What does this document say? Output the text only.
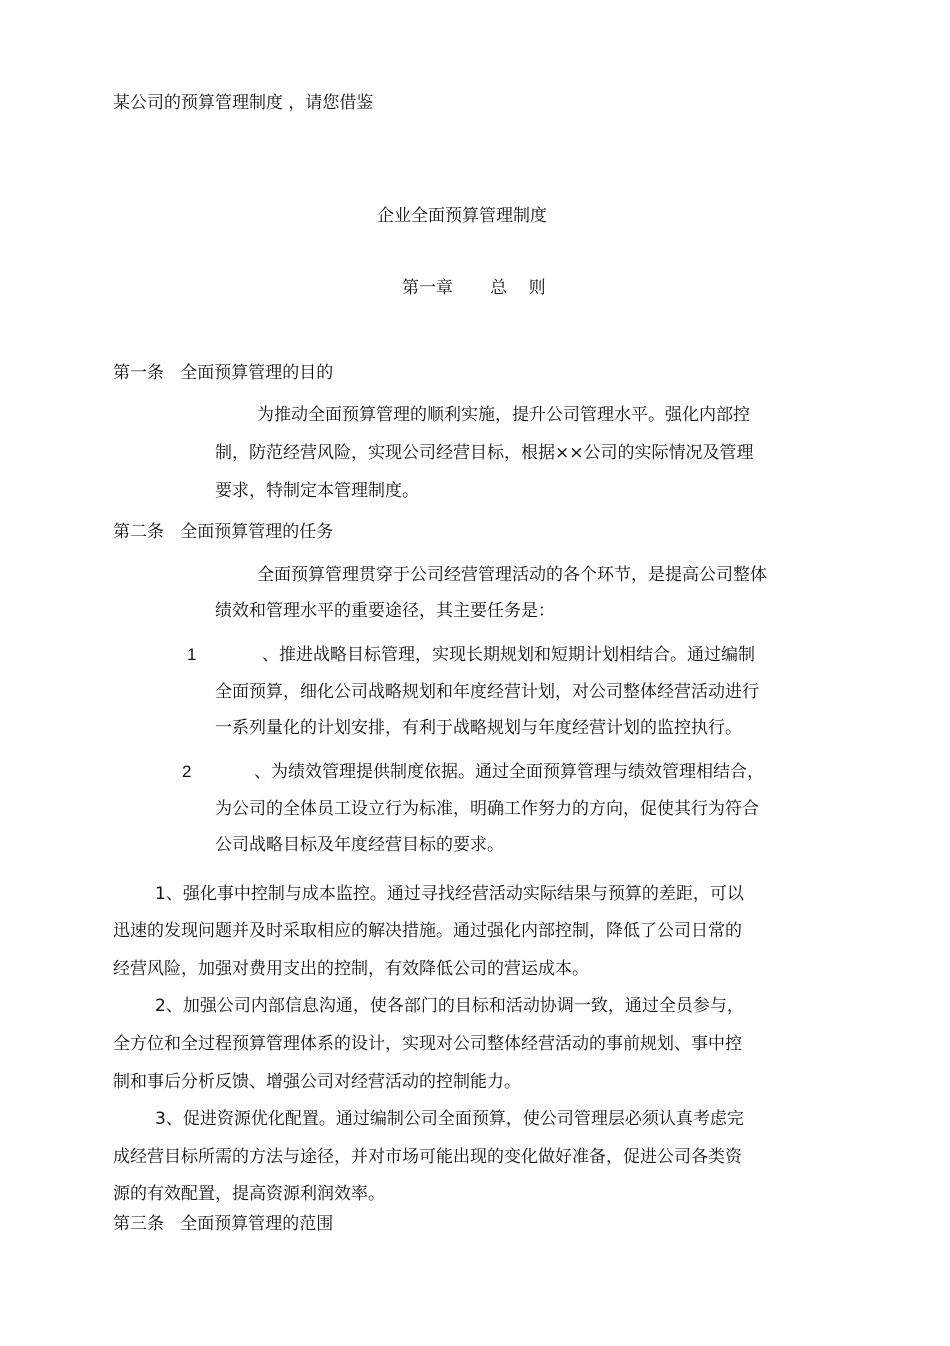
某公司的预算管理制度 ，请您借鉴
企业全面预算管理制度
第一章 总    则
第一条   全面预算管理的目的
为推动全面预算管理的顺利实施，提升公司管理水平。强化内部控
制，防范经营风险，实现公司经营目标，根据××公司的实际情况及管理
要求，特制定本管理制度。
第二条   全面预算管理的任务
全面预算管理贯穿于公司经营管理活动的各个环节，是提高公司整体
绩效和管理水平的重要途径，其主要任务是：
1	、推进战略目标管理，实现长期规划和短期计划相结合。通过编制
全面预算，细化公司战略规划和年度经营计划，对公司整体经营活动进行
一系列量化的计划安排，有利于战略规划与年度经营计划的监控执行。
2	、为绩效管理提供制度依据。通过全面预算管理与绩效管理相结合，
为公司的全体员工设立行为标准，明确工作努力的方向，促使其行为符合
公司战略目标及年度经营目标的要求。
1、强化事中控制与成本监控。通过寻找经营活动实际结果与预算的差距，可以
迅速的发现问题并及时采取相应的解决措施。通过强化内部控制，降低了公司日常的
经营风险，加强对费用支出的控制，有效降低公司的营运成本。
2、加强公司内部信息沟通，使各部门的目标和活动协调一致，通过全员参与，
全方位和全过程预算管理体系的设计，实现对公司整体经营活动的事前规划、事中控
制和事后分析反馈、增强公司对经营活动的控制能力。
3、促进资源优化配置。通过编制公司全面预算，使公司管理层必须认真考虑完
成经营目标所需的方法与途径，并对市场可能出现的变化做好准备，促进公司各类资
源的有效配置，提高资源利润效率。
第三条   全面预算管理的范围
